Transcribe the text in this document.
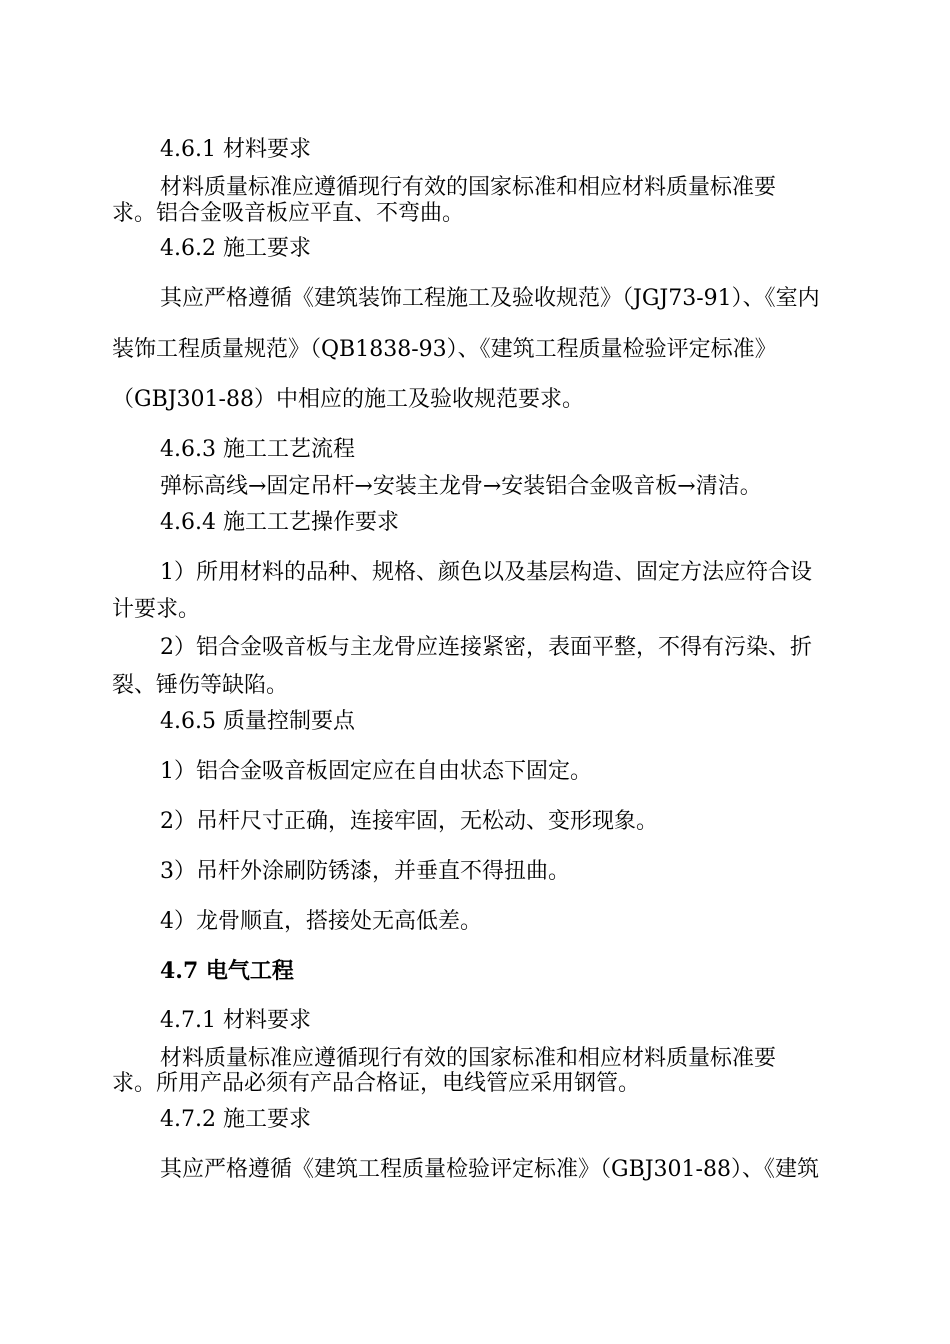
4.6.1 材料要求
材料质量标准应遵循现行有效的国家标准和相应材料质量标准要
求。铝合金吸音板应平直、不弯曲。
4.6.2 施工要求
其应严格遵循《建筑装饰工程施工及验收规范》（JGJ73-91）、《室内
装饰工程质量规范》（QB1838-93）、《建筑工程质量检验评定标准》
（GBJ301-88）中相应的施工及验收规范要求。
4.6.3 施工工艺流程
弹标高线→固定吊杆→安装主龙骨→安装铝合金吸音板→清洁。
4.6.4 施工工艺操作要求
1）所用材料的品种、规格、颜色以及基层构造、固定方法应符合设
计要求。
2）铝合金吸音板与主龙骨应连接紧密，表面平整，不得有污染、折
裂、锤伤等缺陷。
4.6.5 质量控制要点
1）铝合金吸音板固定应在自由状态下固定。
2）吊杆尺寸正确，连接牢固，无松动、变形现象。
3）吊杆外涂刷防锈漆，并垂直不得扭曲。
4）龙骨顺直，搭接处无高低差。
4.7 电气工程
4.7.1 材料要求
材料质量标准应遵循现行有效的国家标准和相应材料质量标准要
求。所用产品必须有产品合格证，电线管应采用钢管。
4.7.2 施工要求
其应严格遵循《建筑工程质量检验评定标准》（GBJ301-88）、《建筑
